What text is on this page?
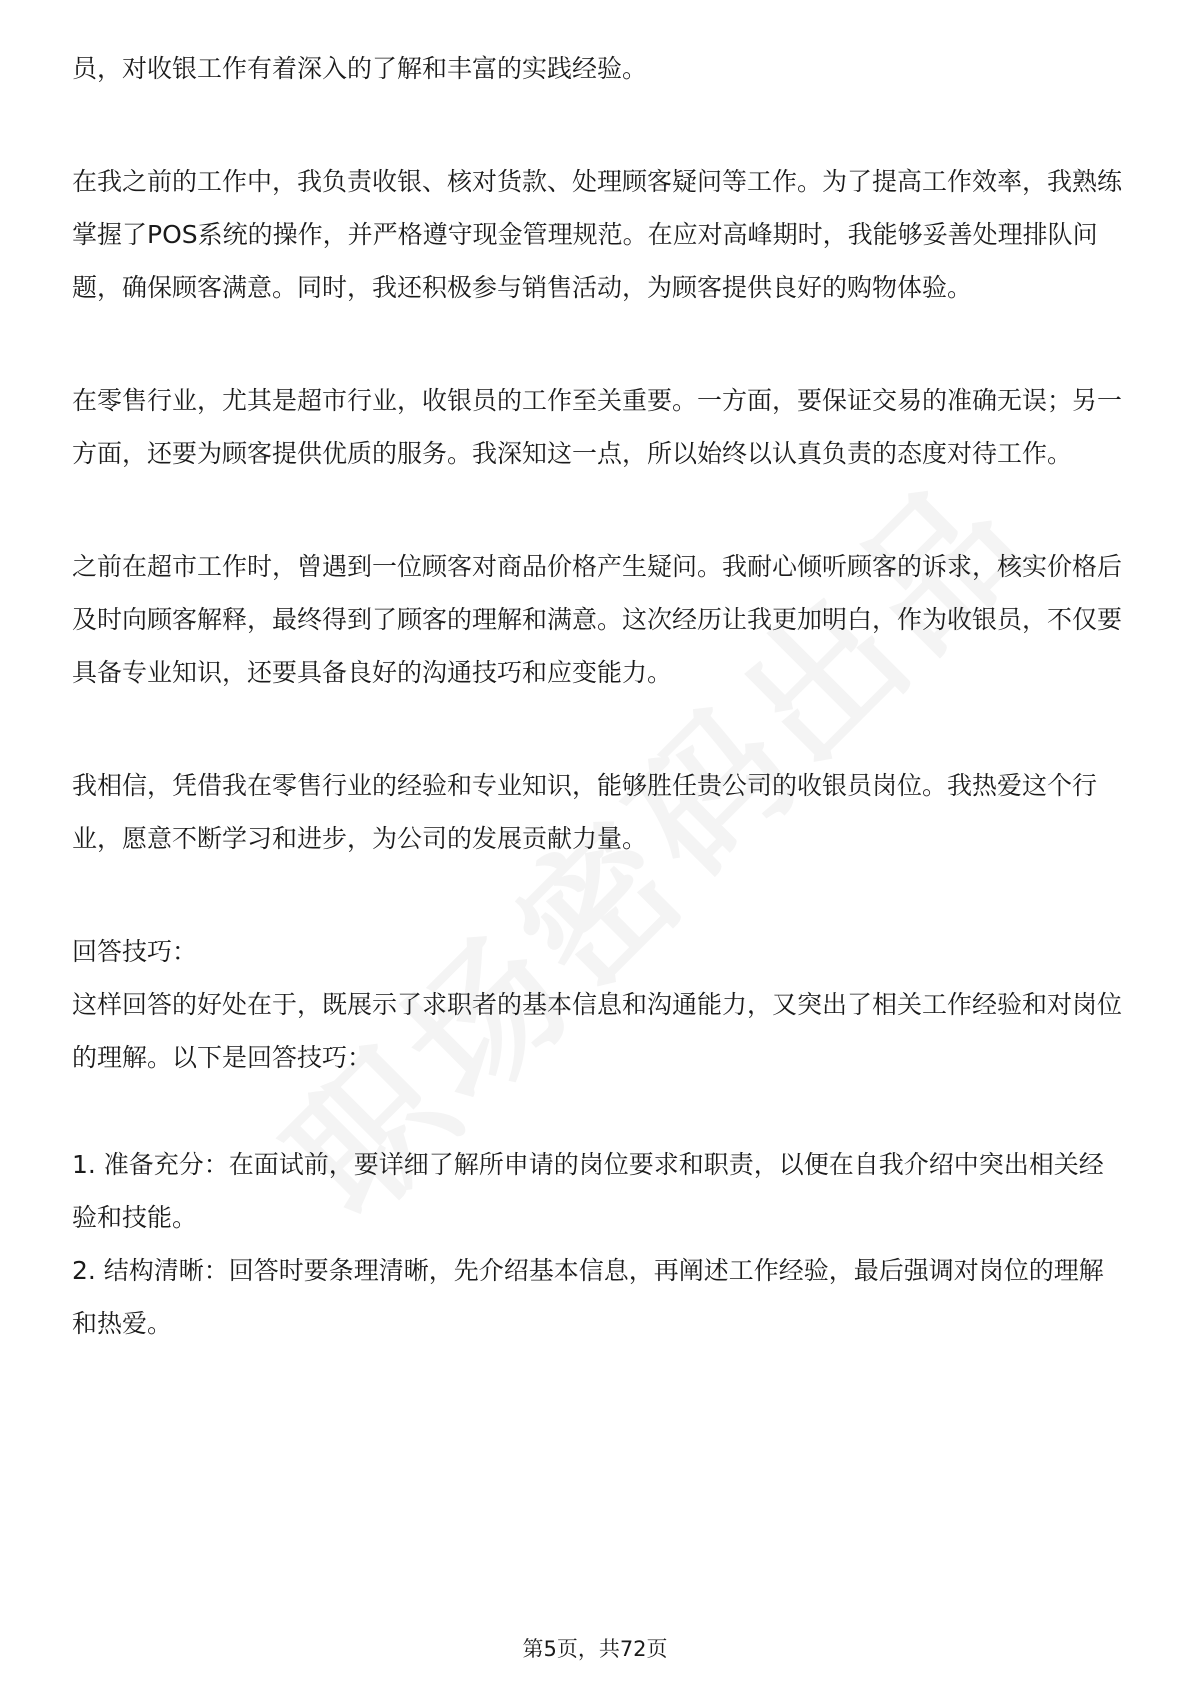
员，对收银工作有着深入的了解和丰富的实践经验。

在我之前的工作中，我负责收银、核对货款、处理顾客疑问等工作。为了提高工作效率，我熟练掌握了POS系统的操作，并严格遵守现金管理规范。在应对高峰期时，我能够妥善处理排队问题，确保顾客满意。同时，我还积极参与销售活动，为顾客提供良好的购物体验。

在零售行业，尤其是超市行业，收银员的工作至关重要。一方面，要保证交易的准确无误；另一方面，还要为顾客提供优质的服务。我深知这一点，所以始终以认真负责的态度对待工作。

之前在超市工作时，曾遇到一位顾客对商品价格产生疑问。我耐心倾听顾客的诉求，核实价格后及时向顾客解释，最终得到了顾客的理解和满意。这次经历让我更加明白，作为收银员，不仅要具备专业知识，还要具备良好的沟通技巧和应变能力。

我相信，凭借我在零售行业的经验和专业知识，能够胜任贵公司的收银员岗位。我热爱这个行业，愿意不断学习和进步，为公司的发展贡献力量。

回答技巧：

这样回答的好处在于，既展示了求职者的基本信息和沟通能力，又突出了相关工作经验和对岗位的理解。以下是回答技巧：

1. 准备充分：在面试前，要详细了解所申请的岗位要求和职责，以便在自我介绍中突出相关经验和技能。

2. 结构清晰：回答时要条理清晰，先介绍基本信息，再阐述工作经验，最后强调对岗位的理解和热爱。

第5页，共72页
